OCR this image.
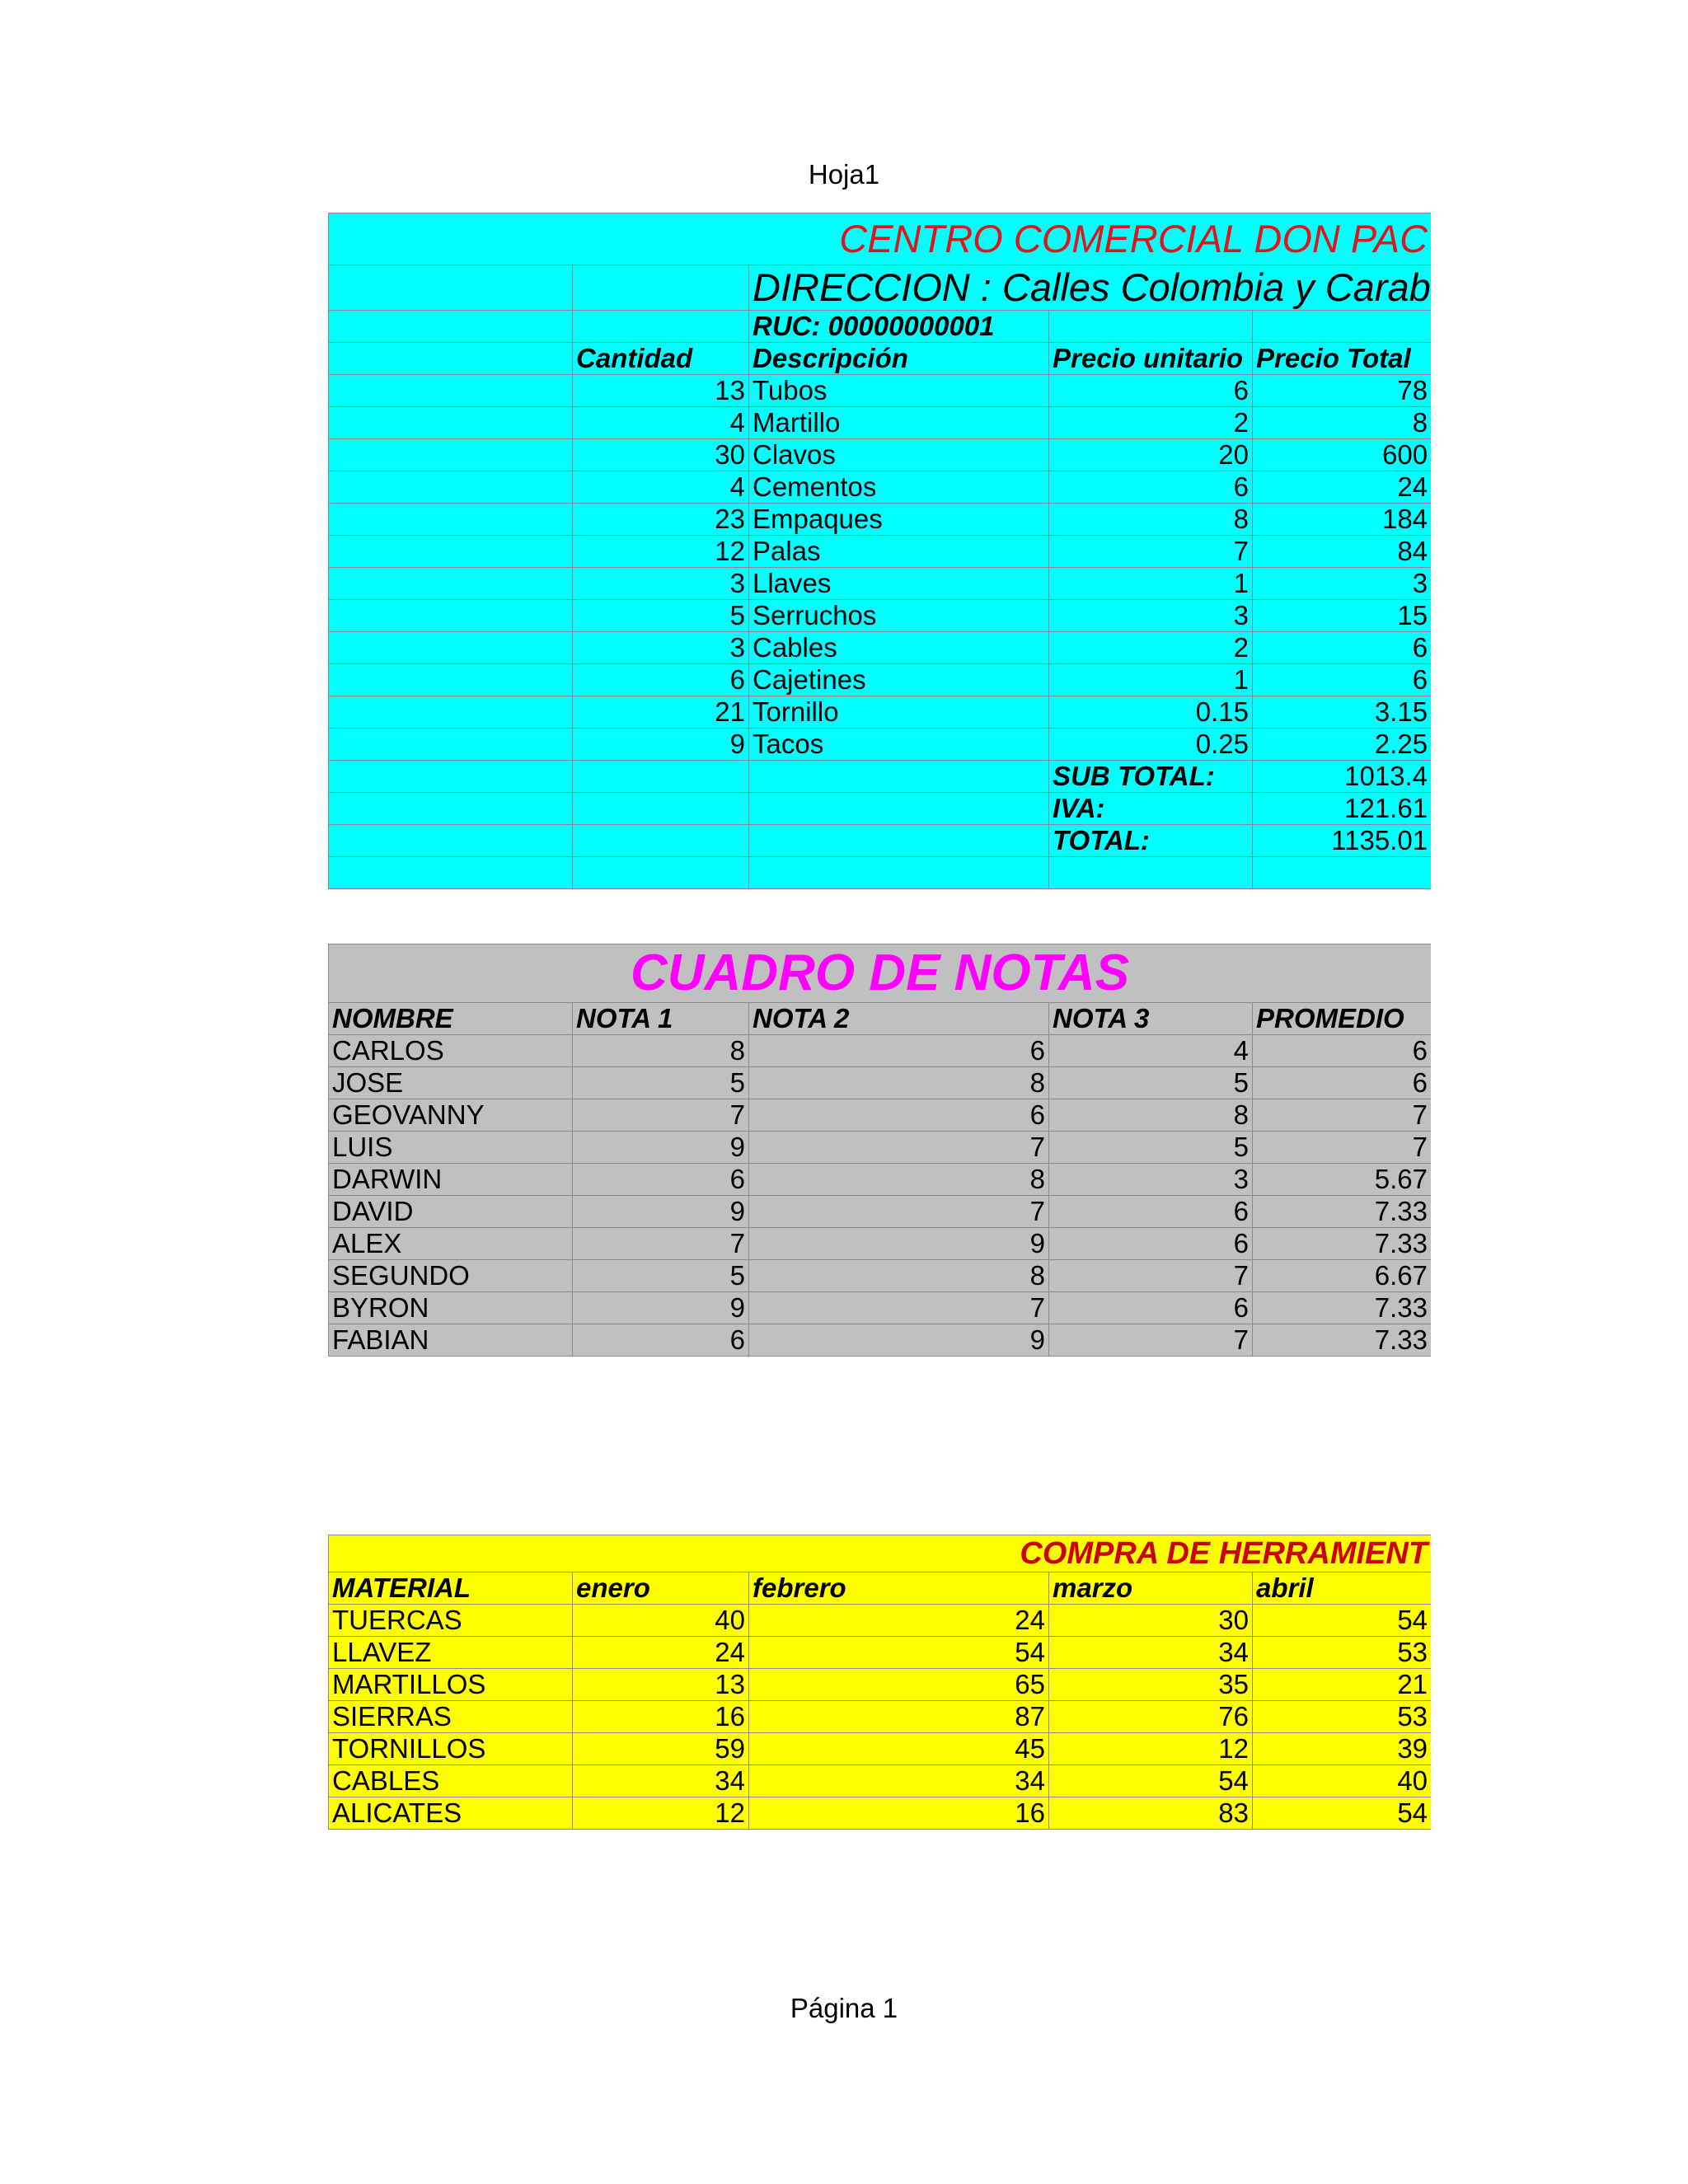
Hoja1
CENTRO COMERCIAL DON PAC				
		DIRECCION : Calles Colombia y Carab		
		RUC: 00000000001		
	Cantidad	Descripción	Precio unitario	Precio Total
	13	Tubos	6	78
	4	Martillo	2	8
	30	Clavos	20	600
	4	Cementos	6	24
	23	Empaques	8	184
	12	Palas	7	84
	3	Llaves	1	3
	5	Serruchos	3	15
	3	Cables	2	6
	6	Cajetines	1	6
	21	Tornillo	0.15	3.15
	9	Tacos	0.25	2.25
			SUB TOTAL:	1013.4
			IVA:	121.61
			TOTAL:	1135.01

CUADRO DE NOTAS				
NOMBRE	NOTA 1	NOTA 2	NOTA 3	PROMEDIO
CARLOS	8	6	4	6
JOSE	5	8	5	6
GEOVANNY	7	6	8	7
LUIS	9	7	5	7
DARWIN	6	8	3	5.67
DAVID	9	7	6	7.33
ALEX	7	9	6	7.33
SEGUNDO	5	8	7	6.67
BYRON	9	7	6	7.33
FABIAN	6	9	7	7.33
COMPRA DE HERRAMIENT				
MATERIAL	enero	febrero	marzo	abril
TUERCAS	40	24	30	54
LLAVEZ	24	54	34	53
MARTILLOS	13	65	35	21
SIERRAS	16	87	76	53
TORNILLOS	59	45	12	39
CABLES	34	34	54	40
ALICATES	12	16	83	54
Página 1
